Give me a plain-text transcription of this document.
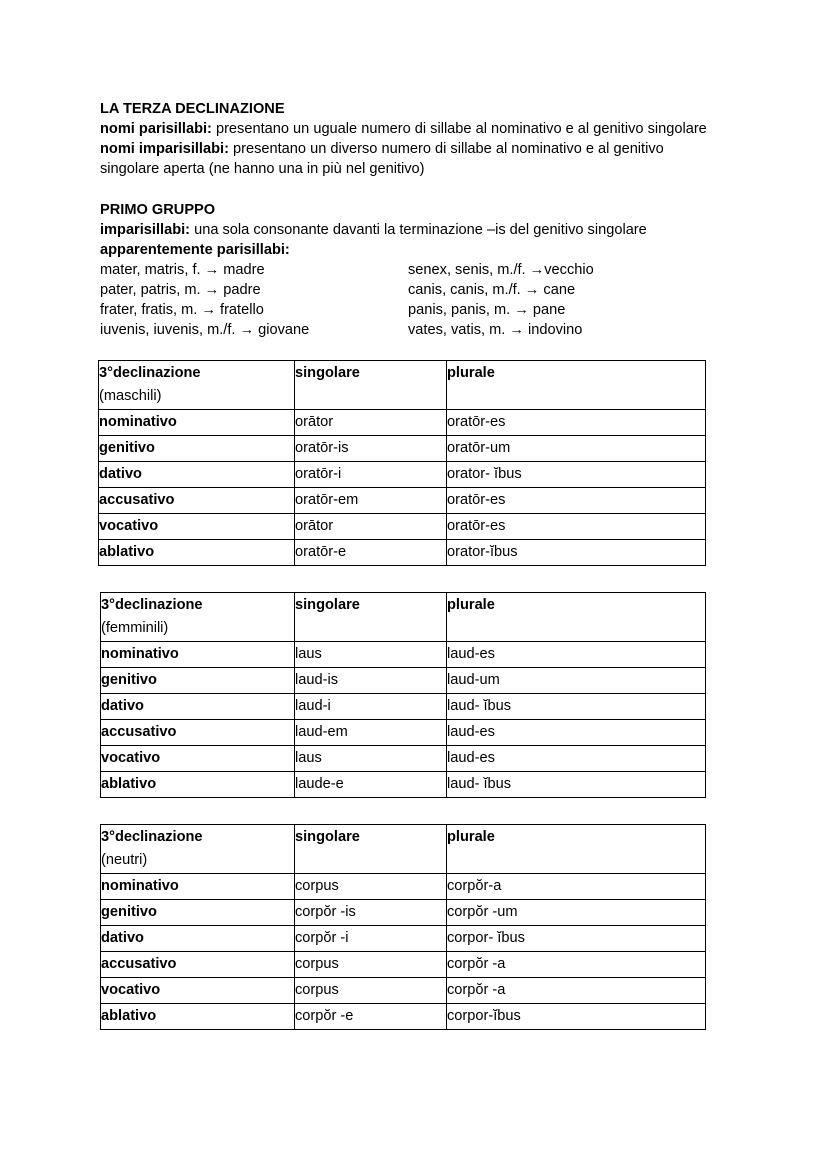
LA TERZA DECLINAZIONE
nomi parisillabi: presentano un uguale numero di sillabe al nominativo e al genitivo singolare
nomi imparisillabi: presentano un diverso numero di sillabe al nominativo e al genitivo
singolare aperta (ne hanno una in più nel genitivo)
PRIMO GRUPPO
imparisillabi: una sola consonante davanti la terminazione –is del genitivo singolare
apparentemente parisillabi:
mater, matris, f. → madre
pater, patris, m. → padre
frater, fratis, m. → fratello
iuvenis, iuvenis, m./f. → giovane
senex, senis, m./f. →vecchio
canis, canis, m./f. → cane
panis, panis, m. → pane
vates, vatis, m. → indovino
3°declinazione
(maschili)	singolare	plurale
nominativo	orātor	oratōr-es
genitivo	oratōr-is	oratōr-um
dativo	oratōr-i	orator- ĭbus
accusativo	oratōr-em	oratōr-es
vocativo	orātor	oratōr-es
ablativo	oratōr-e	orator-ĭbus
3°declinazione
(femminili)	singolare	plurale
nominativo	laus	laud-es
genitivo	laud-is	laud-um
dativo	laud-i	laud- ĭbus
accusativo	laud-em	laud-es
vocativo	laus	laud-es
ablativo	laude-e	laud- ĭbus
3°declinazione
(neutri)	singolare	plurale
nominativo	corpus	corpŏr-a
genitivo	corpŏr -is	corpŏr -um
dativo	corpŏr -i	corpor- ĭbus
accusativo	corpus	corpŏr -a
vocativo	corpus	corpŏr -a
ablativo	corpŏr -e	corpor-ĭbus
